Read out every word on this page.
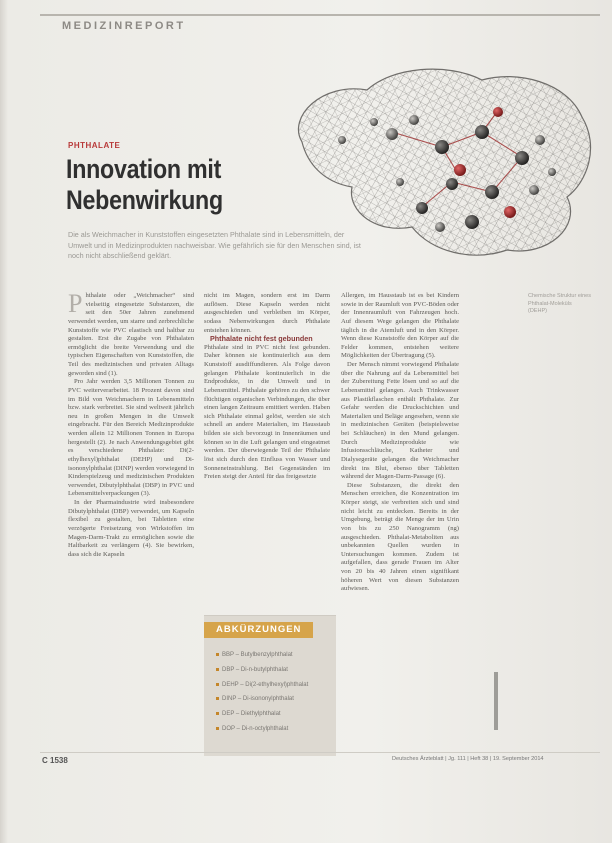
MEDIZINREPORT
PHTHALATE
Innovation mit
Nebenwirkung
Die als Weichmacher in Kunststoffen eingesetzten Phthalate sind in Lebensmitteln, der Umwelt und in Medizinprodukten nachweisbar. Wie gefährlich sie für den Menschen sind, ist noch nicht abschließend geklärt.
Chemische Struktur eines Phthalat-Moleküls (DEHP)

Phthalate oder „Weichmacher“ sind vielseitig eingesetzte Substanzen, die seit den 50er Jahren zunehmend verwendet werden, um starre und zerbrechliche Kunststoffe wie PVC elastisch und haltbar zu gestalten. Erst die Zugabe von Phthalaten ermöglicht die breite Verwendung und die typischen Eigenschaften von Kunststoffen, die Teil des medizinischen und privaten Alltags geworden sind (1).

Pro Jahr werden 3,5 Millionen Tonnen zu PVC weiterverarbeitet. 18 Prozent davon sind im Bild von Weichmachern in Lebensmitteln bzw. stark verbreitet. Sie sind weltweit jährlich neu in großen Mengen in die Umwelt eingebracht. Für den Bereich Medizinprodukte werden allein 12 Millionen Tonnen in Europa hergestellt (2). Je nach Anwendungsgebiet gibt es verschiedene Phthalate: Di(2-ethylhexyl)phthalat (DEHP) und Di-isononylphthalat (DINP) werden vorwiegend in Kinderspielzeug und medizinischen Produkten verwendet, Dibutylphthalat (DBP) in PVC und Lebensmittelverpackungen (3).

In der Pharmaindustrie wird insbesondere Dibutylphthalat (DBP) verwendet, um Kapseln flexibel zu gestalten, bei Tabletten eine verzögerte Freisetzung von Wirkstoffen im Magen-Darm-Trakt zu ermöglichen sowie die Haltbarkeit zu verlängern (4). Sie bewirken, dass sich die Kapseln

nicht im Magen, sondern erst im Darm auflösen. Diese Kapseln werden nicht ausgeschieden und verbleiben im Körper, sodass Nebenwirkungen durch Phthalate entstehen können.

Phthalate nicht fest gebunden

Phthalate sind in PVC nicht fest gebunden. Daher können sie kontinuierlich aus dem Kunststoff ausdiffundieren. Als Folge davon gelangen Phthalate kontinuierlich in die Endprodukte, in die Umwelt und in Lebensmittel. Phthalate gehören zu den schwer flüchtigen organischen Verbindungen, die über einen langen Zeitraum emittiert werden. Haben sich Phthalate einmal gelöst, werden sie sich schnell an andere Materialien, im Hausstaub bilden sie sich bevorzugt in Innenräumen und können so in die Luft gelangen und eingeatmet werden. Der überwiegende Teil der Phthalate löst sich durch den Einfluss von Wasser und Sonneneinstrahlung. Bei Gegenständen im Freien steigt der Anteil für das freigesetzte

Allergen, im Hausstaub ist es bei Kindern sowie in der Raumluft von PVC-Böden oder der Innenraumluft von Fahrzeugen hoch. Auf diesem Wege gelangen die Phthalate täglich in die Atemluft und in den Körper. Wenn diese Kunststoffe den Körper auf die Felder kommen, entstehen weitere Möglichkeiten der Übertragung (5).

Der Mensch nimmt vorwiegend Phthalate über die Nahrung auf da Lebensmittel bei der Zubereitung Fette lösen und so auf die Lebensmittel gelangen. Auch Trinkwasser aus Plastikflaschen enthält Phthalate. Zur Gefahr werden die Druckschichten und Materialien und Beläge angesehen, wenn sie in medizinischen Geräten (beispielsweise bei Schläuchen) in den Mund gelangen. Durch Medizinprodukte wie Infusionsschläuche, Katheter und Dialysegeräte gelangen die Weichmacher direkt ins Blut, ebenso über Tabletten während der Magen-Darm-Passage (6).

Diese Substanzen, die direkt den Menschen erreichen, die Konzentration im Körper steigt, sie verbreiten sich und sind nicht leicht zu entdecken. Bereits in der Umgebung, beträgt die Menge der im Urin von bis zu 250 Nanogramm (ng) ausgeschieden. Phthalat-Metaboliten aus unbekannten Quellen wurden in Untersuchungen kommen. Zudem ist aufgefallen, dass gerade Frauen im Alter von 20 bis 40 Jahren einen signifikant höheren Wert von diesen Substanzen aufwiesen.

ABKÜRZUNGEN
BBP – Butylbenzylphthalat
DBP – Di-n-butylphthalat
DEHP – Di(2-ethylhexyl)phthalat
DINP – Di-isononylphthalat
DEP – Diethylphthalat
DOP – Di-n-octylphthalat
C 1538	Deutsches Ärzteblatt | Jg. 111 | Heft 38 | 19. September 2014
